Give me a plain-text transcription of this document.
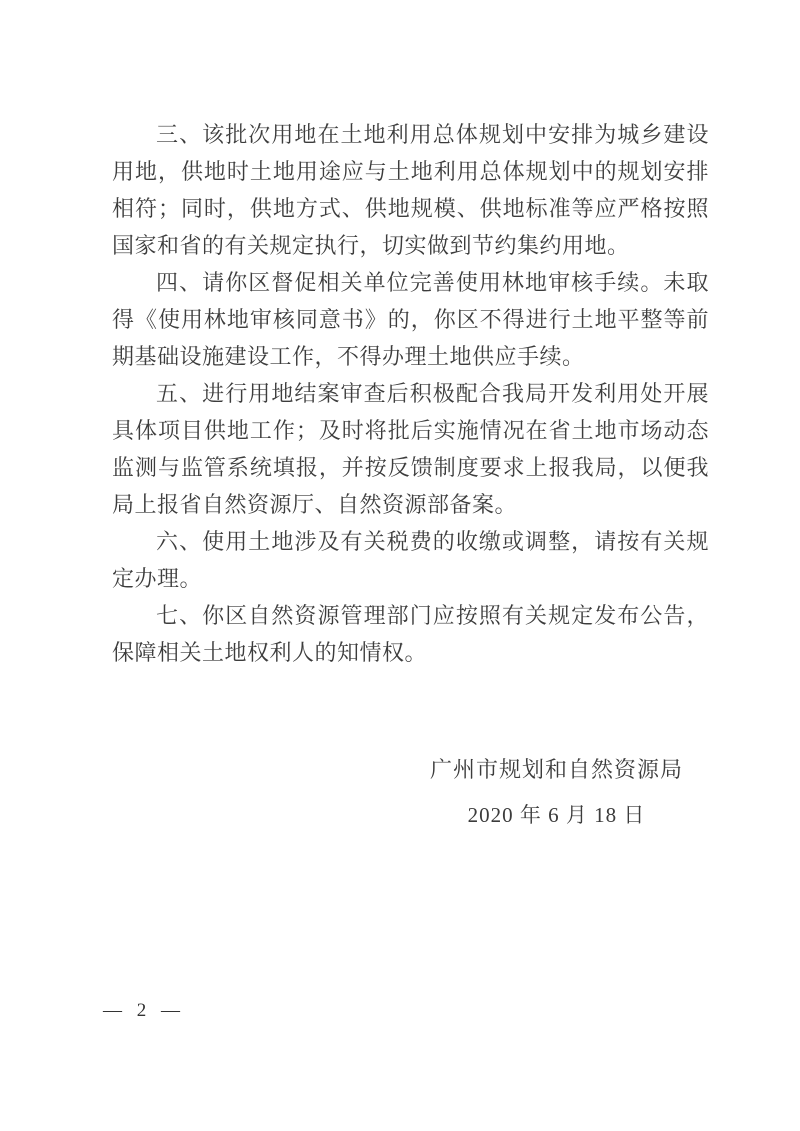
三、该批次用地在土地利用总体规划中安排为城乡建设用地，供地时土地用途应与土地利用总体规划中的规划安排相符；同时，供地方式、供地规模、供地标准等应严格按照国家和省的有关规定执行，切实做到节约集约用地。

四、请你区督促相关单位完善使用林地审核手续。未取得《使用林地审核同意书》的，你区不得进行土地平整等前期基础设施建设工作，不得办理土地供应手续。

五、进行用地结案审查后积极配合我局开发利用处开展具体项目供地工作；及时将批后实施情况在省土地市场动态监测与监管系统填报，并按反馈制度要求上报我局，以便我局上报省自然资源厅、自然资源部备案。

六、使用土地涉及有关税费的收缴或调整，请按有关规定办理。

七、你区自然资源管理部门应按照有关规定发布公告，保障相关土地权利人的知情权。

广州市规划和自然资源局
2020 年 6 月 18 日
— 2 —
